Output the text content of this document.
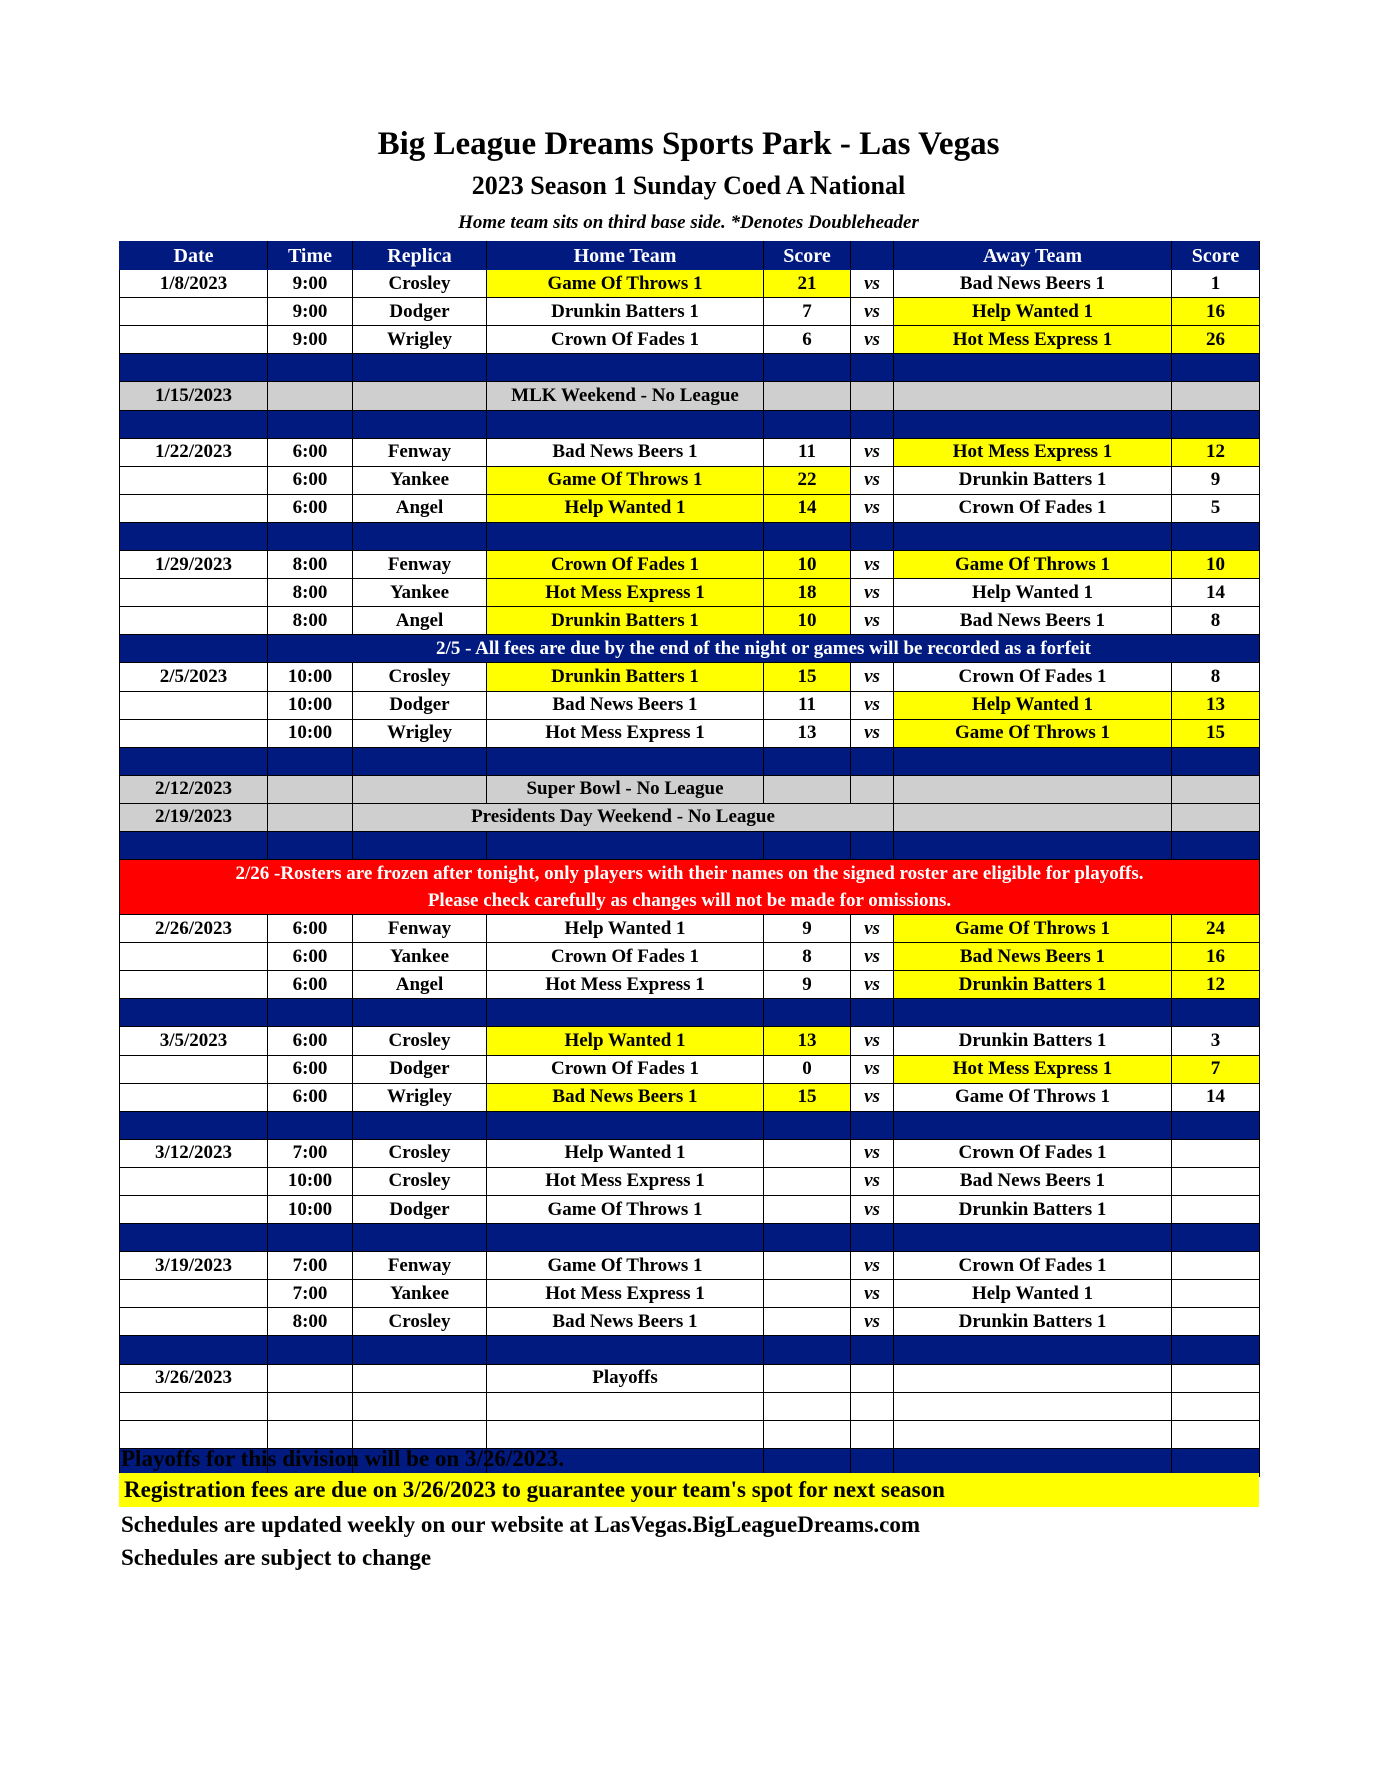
Big League Dreams Sports Park - Las Vegas
2023 Season 1 Sunday Coed A National
Home team sits on third base side. *Denotes Doubleheader
Date	Time	Replica	Home Team	Score		Away Team	Score	
1/8/2023	9:00	Crosley	Game Of Throws 1	21	vs	Bad News Beers 1	1	
	9:00	Dodger	Drunkin Batters 1	7	vs	Help Wanted 1	16	
	9:00	Wrigley	Crown Of Fades 1	6	vs	Hot Mess Express 1	26	

1/15/2023			MLK Weekend - No League					

1/22/2023	6:00	Fenway	Bad News Beers 1	11	vs	Hot Mess Express 1	12	
	6:00	Yankee	Game Of Throws 1	22	vs	Drunkin Batters 1	9	
	6:00	Angel	Help Wanted 1	14	vs	Crown Of Fades 1	5	

1/29/2023	8:00	Fenway	Crown Of Fades 1	10	vs	Game Of Throws 1	10	
	8:00	Yankee	Hot Mess Express 1	18	vs	Help Wanted 1	14	
	8:00	Angel	Drunkin Batters 1	10	vs	Bad News Beers 1	8	
	2/5 - All fees are due by the end of the night or games will be recorded as a forfeit							
2/5/2023	10:00	Crosley	Drunkin Batters 1	15	vs	Crown Of Fades 1	8	
	10:00	Dodger	Bad News Beers 1	11	vs	Help Wanted 1	13	
	10:00	Wrigley	Hot Mess Express 1	13	vs	Game Of Throws 1	15	

2/12/2023			Super Bowl - No League					
2/19/2023		Presidents Day Weekend - No League						

2/26 -Rosters are frozen after tonight, only players with their names on the signed roster are eligible for playoffs.
Please check carefully as changes will not be made for omissions.								

2/26/2023	6:00	Fenway	Help Wanted 1	9	vs	Game Of Throws 1	24	
	6:00	Yankee	Crown Of Fades 1	8	vs	Bad News Beers 1	16	
	6:00	Angel	Hot Mess Express 1	9	vs	Drunkin Batters 1	12	

3/5/2023	6:00	Crosley	Help Wanted 1	13	vs	Drunkin Batters 1	3	
	6:00	Dodger	Crown Of Fades 1	0	vs	Hot Mess Express 1	7	
	6:00	Wrigley	Bad News Beers 1	15	vs	Game Of Throws 1	14	

3/12/2023	7:00	Crosley	Help Wanted 1		vs	Crown Of Fades 1		
	10:00	Crosley	Hot Mess Express 1		vs	Bad News Beers 1		
	10:00	Dodger	Game Of Throws 1		vs	Drunkin Batters 1		

3/19/2023	7:00	Fenway	Game Of Throws 1		vs	Crown Of Fades 1		
	7:00	Yankee	Hot Mess Express 1		vs	Help Wanted 1		
	8:00	Crosley	Bad News Beers 1		vs	Drunkin Batters 1		

3/26/2023			Playoffs					

Playoffs for this division will be on 3/26/2023.
Registration fees are due on 3/26/2023 to guarantee your team's spot for next season
Schedules are updated weekly on our website at LasVegas.BigLeagueDreams.com
Schedules are subject to change
